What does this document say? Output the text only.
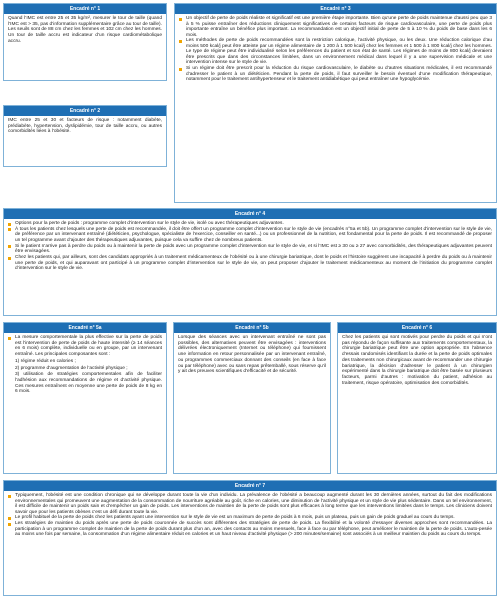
Encadré n° 1
Quand l’IMC est entre 25 et 35 kg/m², mesurer le tour de taille (quand l’IMC est > 35, pas d’information supplémentaire grâce au tour de taille). Les seuils sont de 88 cm chez les femmes et 102 cm chez les hommes. Un tour de taille accru est indicateur d’un risque cardiométabolique accru.
Encadré n° 2
IMC entre 25 et 30 et facteurs de risque : notamment diabète, prédiabète, hypertension, dyslipidémie, tour de taille accru, ou autres comorbidités liées à l’obésité.
Encadré n° 3
Un objectif de perte de poids réaliste et significatif est une première étape importante. Bien qu’une perte de poids maintenue d’aussi peu que 3 à 5 % puisse entraîner des réductions cliniquement significatives de certains facteurs de risque cardiovasculaire, une perte de poids plus importante entraîne un bénéfice plus important. La recommandation est un objectif initial de perte de 5 à 10 % du poids de base dans les 6 mois.
Les méthodes de perte de poids recommandées sont la restriction calorique, l’activité physique, ou les deux. Une réduction calorique d’au moins 500 kcal/j peut être atteinte par un régime alimentaire de 1 200 à 1 500 kcal/j chez les femmes et 1 500 à 1 800 kcal/j chez les hommes. Le type de régime peut être individualisé selon les préférences du patient et son état de santé. Les régimes de moins de 800 kcal/j devraient être prescrits que dans des circonstances limitées, dans un environnement médical dans lequel il y a une supervision médicale et une intervention intense sur le style de vie.
Si un régime doit être prescrit pour la réduction du risque cardiovasculaire, le diabète ou d’autres situations médicales, il est recommandé d’adresser le patient à un diététicien. Pendant la perte de poids, il faut surveiller le besoin éventuel d’une modification thérapeutique, notamment pour le traitement antihypertenseur et le traitement antidiabétique qui peut entraîner une hypoglycémie.
Encadré n° 4
Options pour la perte de poids : programme complet d’intervention sur le style de vie, isolé ou avec thérapeutiques adjuvantes.
À tous les patients chez lesquels une perte de poids est recommandée, il doit être offert un programme complet d’intervention sur le style de vie (encadrés n°5a et 5b). Un programme complet d’intervention sur le style de vie, de préférence par un intervenant entraîné (diététicien, psychologue, spécialiste de l’exercice, conseiller en santé...) ou un professionnel de la nutrition, est fondamental pour la perte de poids. Il est recommandé de proposer un tel programme avant d’ajouter des thérapeutiques adjuvantes, puisque cela va suffire chez de nombreux patients.
Si le patient n’arrive pas à perdre du poids ou à maintenir la perte de poids avec un programme complet d’intervention sur le style de vie, et si l’IMC est ≥ 30 ou ≥ 27 avec comorbidités, des thérapeutiques adjuvantes peuvent être envisagées.
Chez les patients qui, par ailleurs, sont des candidats appropriés à un traitement médicamenteux de l’obésité ou à une chirurgie bariatrique, dont le poids et l’histoire suggèrent une incapacité à perdre du poids ou à maintenir une perte de poids, et qui auparavant ont participé à un programme complet d’intervention sur le style de vie, on peut proposer d’ajouter le traitement médicamenteux au moment de l’initiation du programme complet d’intervention sur le style de vie.
Encadré n° 5a
La mesure comportementale la plus effective sur la perte de poids est l’intervention de perte de poids de haute intensité (≥ 14 séances en 6 mois) complète, individuelle ou en groupe, par un intervenant entraîné. Les principales composantes sont :
1) régime réduit en calories ;
2) programme d’augmentation de l’activité physique ;
3) utilisation de stratégies comportementales afin de faciliter l’adhésion aux recommandations de régime et d’activité physique. Ces mesures entraînent en moyenne une perte de poids de 8 kg en 6 mois.
Encadré n° 5b
Lorsque des séances avec un intervenant entraîné ne sont pas possibles, des alternatives peuvent être envisagées : interventions délivrées électroniquement (Internet ou téléphone) qui fournissent une information en retour personnalisée par un intervenant entraîné, ou programmes commerciaux donnant des conseils (en face à face ou par téléphone) avec ou sans repas prêtemballé, sous réserve qu’il y ait des preuves scientifiques d’efficacité et de sécurité.
Encadré n° 6
Chez les patients qui sont motivés pour perdre du poids et qui n’ont pas répondu de façon suffisante aux traitements comportementaux, la chirurgie bariatrique peut être une option appropriée. En l’absence d’essais randomisés identifiant la durée et la perte de poids optimales des traitements non chirurgicaux avant de recommander une chirurgie bariatrique, la décision d’adresser le patient à un chirurgien expérimenté dans la chirurgie bariatrique doit être basée sur plusieurs facteurs, parmi d’autres : motivation du patient, adhésion au traitement, risque opératoire, optimisation des comorbidités.
Encadré n° 7
Typiquement, l’obésité est une condition chronique qui se développe durant toute la vie d’un individu. La prévalence de l’obésité a beaucoup augmenté durant les 30 dernières années, surtout du fait des modifications environnementales qui promeuvent une augmentation de la consommation de nourriture agréable au goût, riche en calories, une diminution de l’activité physique et un style de vie plus sédentaire. Dans un tel environnement, il est difficile de maintenir un poids sain et d’empêcher un gain de poids. Les interventions de maintien de la perte de poids sont plus efficaces à long terme que les interventions limitées dans le temps. Les cliniciens doivent savoir que pour les patients obèses c’est un défi durant toute la vie.
Le profil habituel de la perte de poids chez les patients ayant une intervention sur le style de vie est un maximum de perte de poids à 6 mois, puis un plateau, puis un gain de poids graduel au cours du temps.
Les stratégies de maintien du poids après une perte de poids couronnée de succès sont différentes des stratégies de perte de poids. La flexibilité et la volonté d’essayer diverses approches sont recommandées. La participation à un programme complet de maintien de la perte de poids durant plus d’un an, avec des contacts au moins mensuels, face à face ou par téléphone, peut améliorer le maintien de la perte de poids. L’auto-pesée au moins une fois par semaine, la consommation d’un régime alimentaire réduit en calories et un haut niveau d’activité physique (> 200 minutes/semaine) sont associés à un meilleur maintien du poids au cours du temps.
